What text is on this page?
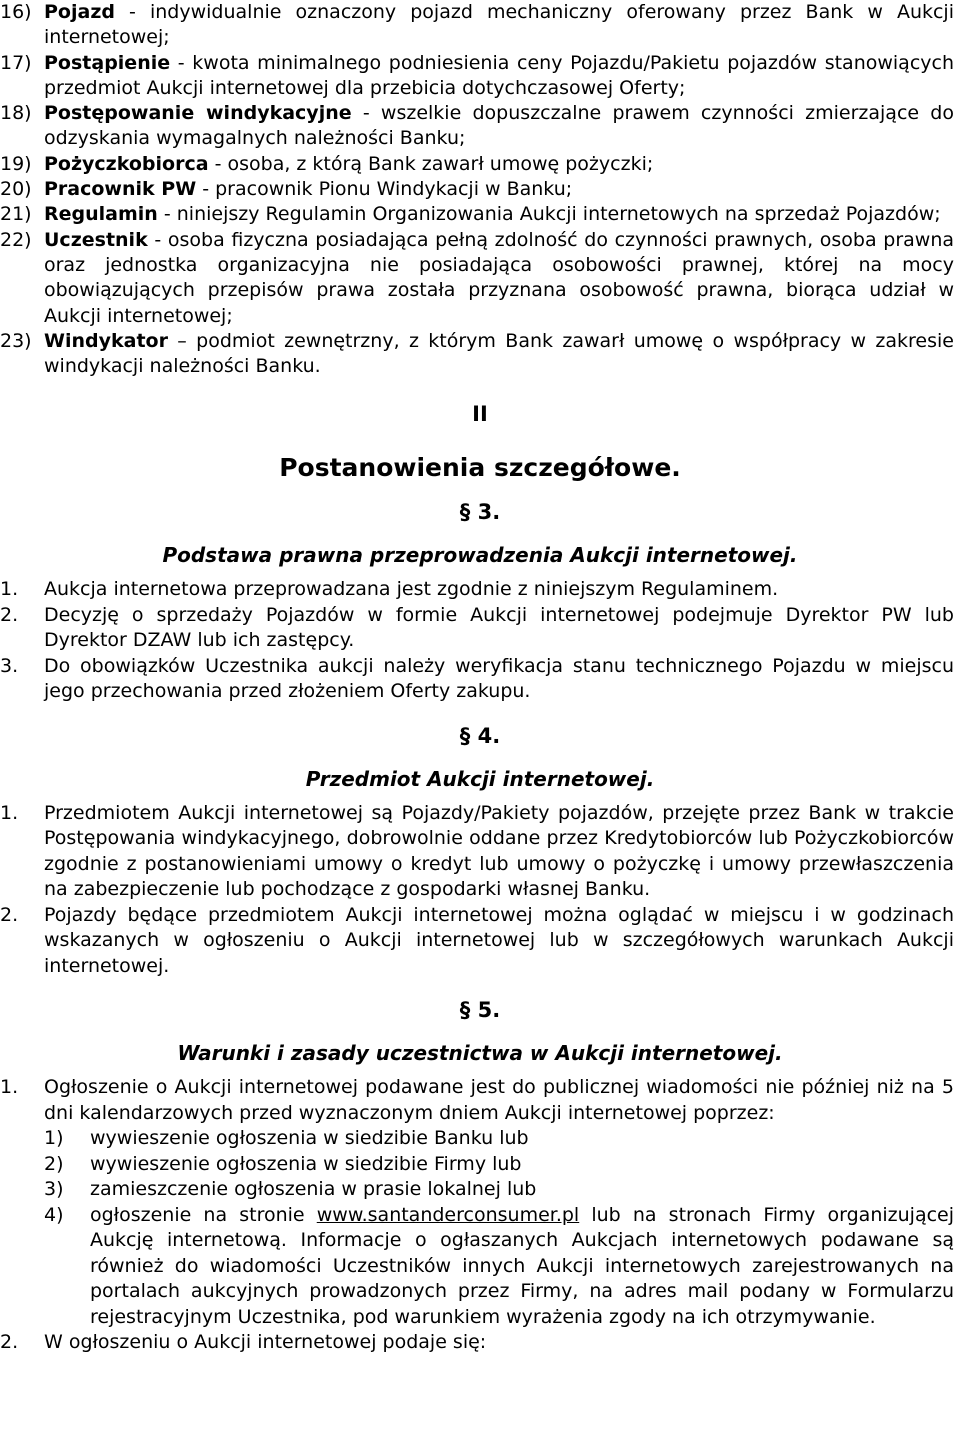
16) Pojazd - indywidualnie oznaczony pojazd mechaniczny oferowany przez Bank w Aukcji internetowej;
17) Postąpienie - kwota minimalnego podniesienia ceny Pojazdu/Pakietu pojazdów stanowiących przedmiot Aukcji internetowej dla przebicia dotychczasowej Oferty;
18) Postępowanie windykacyjne - wszelkie dopuszczalne prawem czynności zmierzające do odzyskania wymagalnych należności Banku;
19) Pożyczkobiorca - osoba, z którą Bank zawarł umowę pożyczki;
20) Pracownik PW - pracownik Pionu Windykacji w Banku;
21) Regulamin - niniejszy Regulamin Organizowania Aukcji internetowych na sprzedaż Pojazdów;
22) Uczestnik - osoba fizyczna posiadająca pełną zdolność do czynności prawnych, osoba prawna oraz jednostka organizacyjna nie posiadająca osobowości prawnej, której na mocy obowiązujących przepisów prawa została przyznana osobowość prawna, biorąca udział w Aukcji internetowej;
23) Windykator – podmiot zewnętrzny, z którym Bank zawarł umowę o współpracy w zakresie windykacji należności Banku.
II
Postanowienia szczegółowe.
§ 3.
Podstawa prawna przeprowadzenia Aukcji internetowej.
1.	Aukcja internetowa przeprowadzana jest zgodnie z niniejszym Regulaminem.
2.	Decyzję o sprzedaży Pojazdów w formie Aukcji internetowej podejmuje Dyrektor PW lub Dyrektor DZAW lub ich zastępcy.
3.	Do obowiązków Uczestnika aukcji należy weryfikacja stanu technicznego Pojazdu w miejscu jego przechowania przed złożeniem Oferty zakupu.
§ 4.
Przedmiot Aukcji internetowej.
1.	Przedmiotem Aukcji internetowej są Pojazdy/Pakiety pojazdów, przejęte przez Bank w trakcie Postępowania windykacyjnego, dobrowolnie oddane przez Kredytobiorców lub Pożyczkobiorców zgodnie z postanowieniami umowy o kredyt lub umowy o pożyczkę i umowy przewłaszczenia na zabezpieczenie lub pochodzące z gospodarki własnej Banku.
2.	Pojazdy będące przedmiotem Aukcji internetowej można oglądać w miejscu i w godzinach wskazanych w ogłoszeniu o Aukcji internetowej lub w szczegółowych warunkach Aukcji internetowej.
§ 5.
Warunki i zasady uczestnictwa w Aukcji internetowej.
1.	Ogłoszenie o Aukcji internetowej podawane jest do publicznej wiadomości nie później niż na 5 dni kalendarzowych przed wyznaczonym dniem Aukcji internetowej poprzez:
1)	wywieszenie ogłoszenia w siedzibie Banku lub
2)	wywieszenie ogłoszenia w siedzibie Firmy lub
3)	zamieszczenie ogłoszenia w prasie lokalnej lub
4)	ogłoszenie na stronie www.santanderconsumer.pl lub na stronach Firmy organizującej Aukcję internetową. Informacje o ogłaszanych Aukcjach internetowych podawane są również do wiadomości Uczestników innych Aukcji internetowych zarejestrowanych na portalach aukcyjnych prowadzonych przez Firmy, na adres mail podany w Formularzu rejestracyjnym Uczestnika, pod warunkiem wyrażenia zgody na ich otrzymywanie.
2.	W ogłoszeniu o Aukcji internetowej podaje się:
